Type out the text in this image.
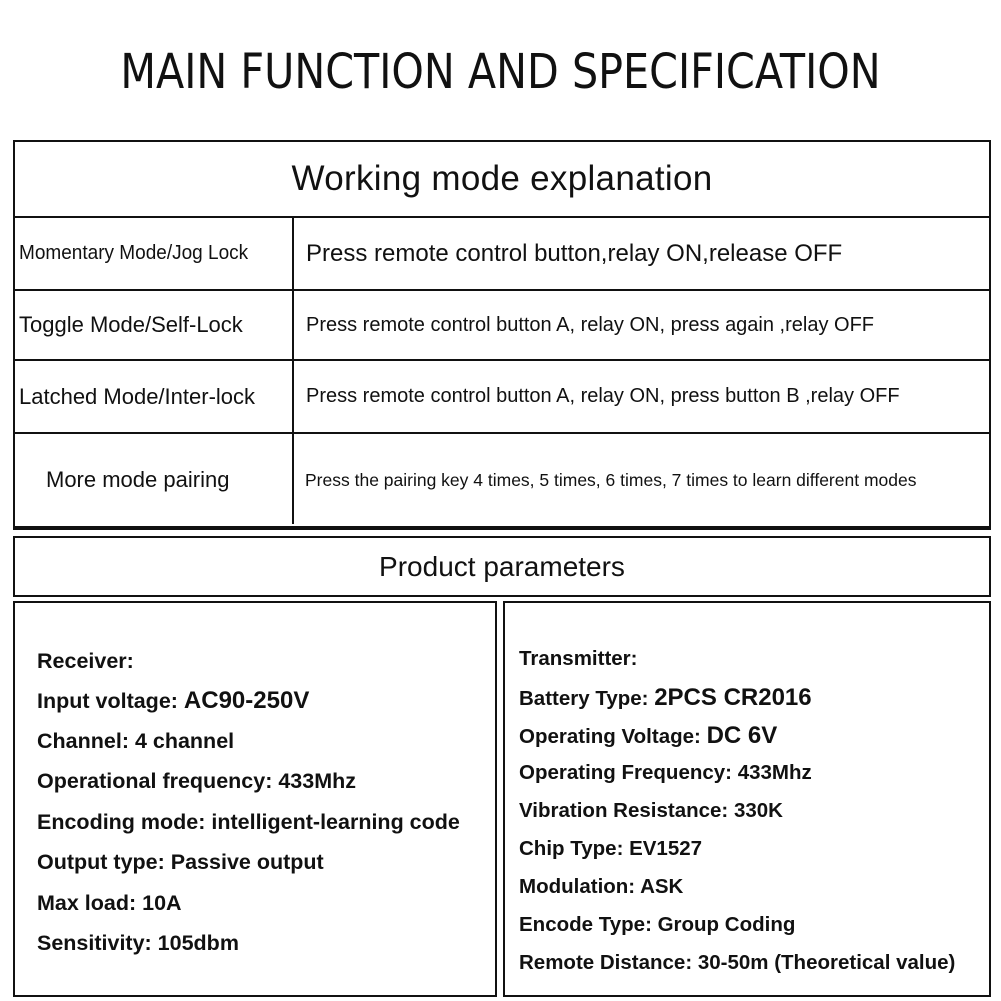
MAIN FUNCTION AND SPECIFICATION
Working mode explanation
Momentary Mode/Jog Lock Press remote control button,relay ON,release OFF
Toggle Mode/Self-Lock	Press remote control button A, relay ON, press again ,relay OFF
Latched Mode/Inter-lock	Press remote control button A, relay ON, press button B ,relay OFF
More mode pairing	Press the pairing key 4 times, 5 times, 6 times, 7 times to learn different modes
Product parameters
Receiver:
Input voltage: AC90-250V
Channel: 4 channel
Operational frequency: 433Mhz
Encoding mode: intelligent-learning code
Output type: Passive output
Max load: 10A
Sensitivity: 105dbm
Transmitter:
Battery Type: 2PCS CR2016
Operating Voltage: DC 6V
Operating Frequency: 433Mhz
Vibration Resistance: 330K
Chip Type: EV1527
Modulation: ASK
Encode Type: Group Coding
Remote Distance: 30-50m (Theoretical value)
